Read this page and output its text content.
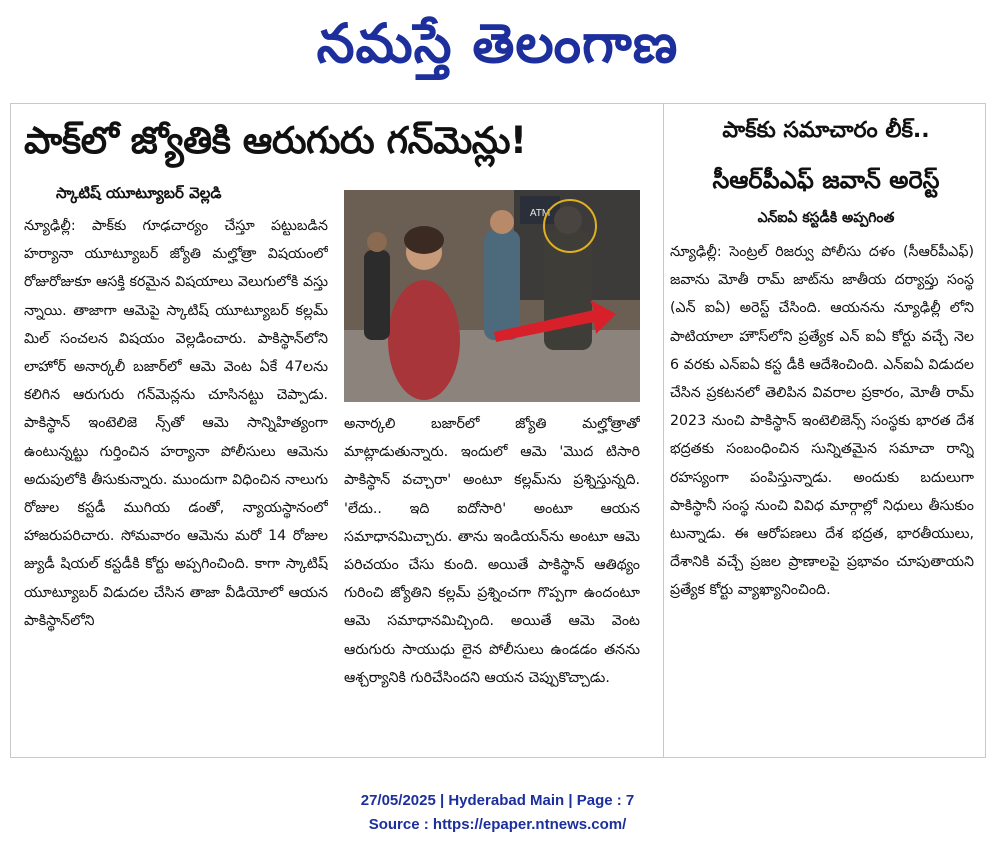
నమస్తే తెలంగాణ
పాక్‌లో జ్యోతికి ఆరుగురు గన్‌మెన్లు!
స్కాటిష్ యూట్యూబర్ వెల్లడి

న్యూఢిల్లీ: పాక్‌కు గూఢచార్యం చేస్తూ పట్టుబడిన హర్యానా యూట్యూబర్ జ్యోతి మల్హోత్రా విషయంలో రోజురోజుకూ ఆసక్తి కరమైన విషయాలు వెలుగులోకి వస్తు న్నాయి. తాజాగా ఆమెపై స్కాటిష్ యూట్యూబర్ కల్లమ్ మిల్ సంచలన విషయం వెల్లడించారు. పాకిస్థాన్‌లోని లాహోర్ అనార్కలీ బజార్‌లో ఆమె వెంట ఏకే 47లను కలిగిన ఆరుగురు గన్‌మెన్లను చూసినట్టు చెప్పాడు. పాకిస్థాన్ ఇంటెలిజె న్స్‌తో ఆమె సాన్నిహిత్యంగా ఉంటున్నట్టు గుర్తించిన హర్యానా పోలీసులు ఆమెను అదుపులోకి తీసుకున్నారు. ముందుగా విధించిన నాలుగు రోజుల కస్టడీ ముగియ డంతో, న్యాయస్థానంలో హాజరుపరిచారు. సోమవారం ఆమెను మరో 14 రోజుల జ్యుడీ షియల్ కస్టడీకి కోర్టు అప్పగించింది. కాగా స్కాటిష్ యూట్యూబర్ విడుదల చేసిన తాజా వీడియోలో ఆయన పాకిస్థాన్‌లోని

ATM

అనార్కలి బజార్‌లో జ్యోతి మల్హోత్రాతో మాట్లాడుతున్నారు. ఇందులో ఆమె 'మొద టిసారి పాకిస్థాన్ వచ్చారా' అంటూ కల్లమ్‌ను ప్రశ్నిస్తున్నది. 'లేదు.. ఇది ఐదోసారి' అంటూ ఆయన సమాధానమిచ్చారు. తాను ఇండియన్‌ను అంటూ ఆమె పరిచయం చేసు కుంది. అయితే పాకిస్థాన్ ఆతిథ్యం గురించి జ్యోతిని కల్లమ్ ప్రశ్నించగా గొప్పగా ఉందంటూ ఆమె సమాధానమిచ్చింది. అయితే ఆమె వెంట ఆరుగురు సాయుధు లైన పోలీసులు ఉండడం తనను ఆశ్చర్యానికి గురిచేసిందని ఆయన చెప్పుకొచ్చాడు.

పాక్‌కు సమాచారం లీక్..
సీఆర్‌పీఎఫ్ జవాన్ అరెస్ట్
ఎన్ఐఏ కస్టడీకి అప్పగింత

న్యూఢిల్లీ: సెంట్రల్ రిజర్వు పోలీసు దళం (సీఆర్‌పీఎఫ్) జవాను మోతీ రామ్ జాట్‌ను జాతీయ దర్యాప్తు సంస్థ (ఎన్ ఐఏ) అరెస్ట్ చేసింది. ఆయనను న్యూఢిల్లీ లోని పాటియాలా హౌస్‌లోని ప్రత్యేక ఎన్ ఐఏ కోర్టు వచ్చే నెల 6 వరకు ఎన్ఐఏ కస్ట డీకి ఆదేశించింది. ఎన్ఐఏ విడుదల చేసిన ప్రకటనలో తెలిపిన వివరాల ప్రకారం, మోతీ రామ్ 2023 నుంచి పాకిస్థాన్ ఇంటెలిజెన్స్ సంస్థకు భారత దేశ భద్రతకు సంబంధించిన సున్నితమైన సమాచా రాన్ని రహస్యంగా పంపిస్తున్నాడు. అందుకు బదులుగా పాకిస్థానీ సంస్థ నుంచి వివిధ మార్గాల్లో నిధులు తీసుకుం టున్నాడు. ఈ ఆరోపణలు దేశ భద్రత, భారతీయులు, దేశానికి వచ్చే ప్రజల ప్రాణాలపై ప్రభావం చూపుతాయని ప్రత్యేక కోర్టు వ్యాఖ్యానించింది.

27/05/2025 | Hyderabad Main | Page : 7
Source : https://epaper.ntnews.com/
